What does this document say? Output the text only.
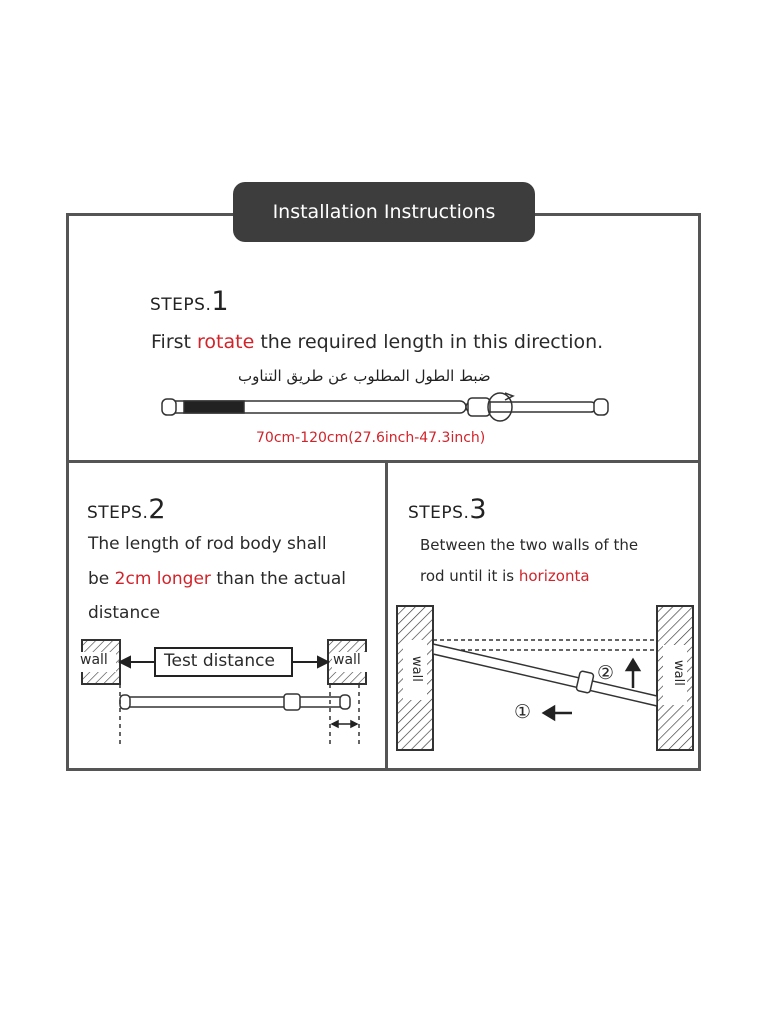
Installation Instructions
STEPS.1
First rotate the required length in this direction.
ضبط الطول المطلوب عن طريق التناوب
70cm-120cm(27.6inch-47.3inch)
STEPS.2
The length of rod body shall
be 2cm longer than the actual
distance
wall	wall
Test distance
STEPS.3
Between the two walls of the
rod until it is horizonta
wall	wall
②
①
